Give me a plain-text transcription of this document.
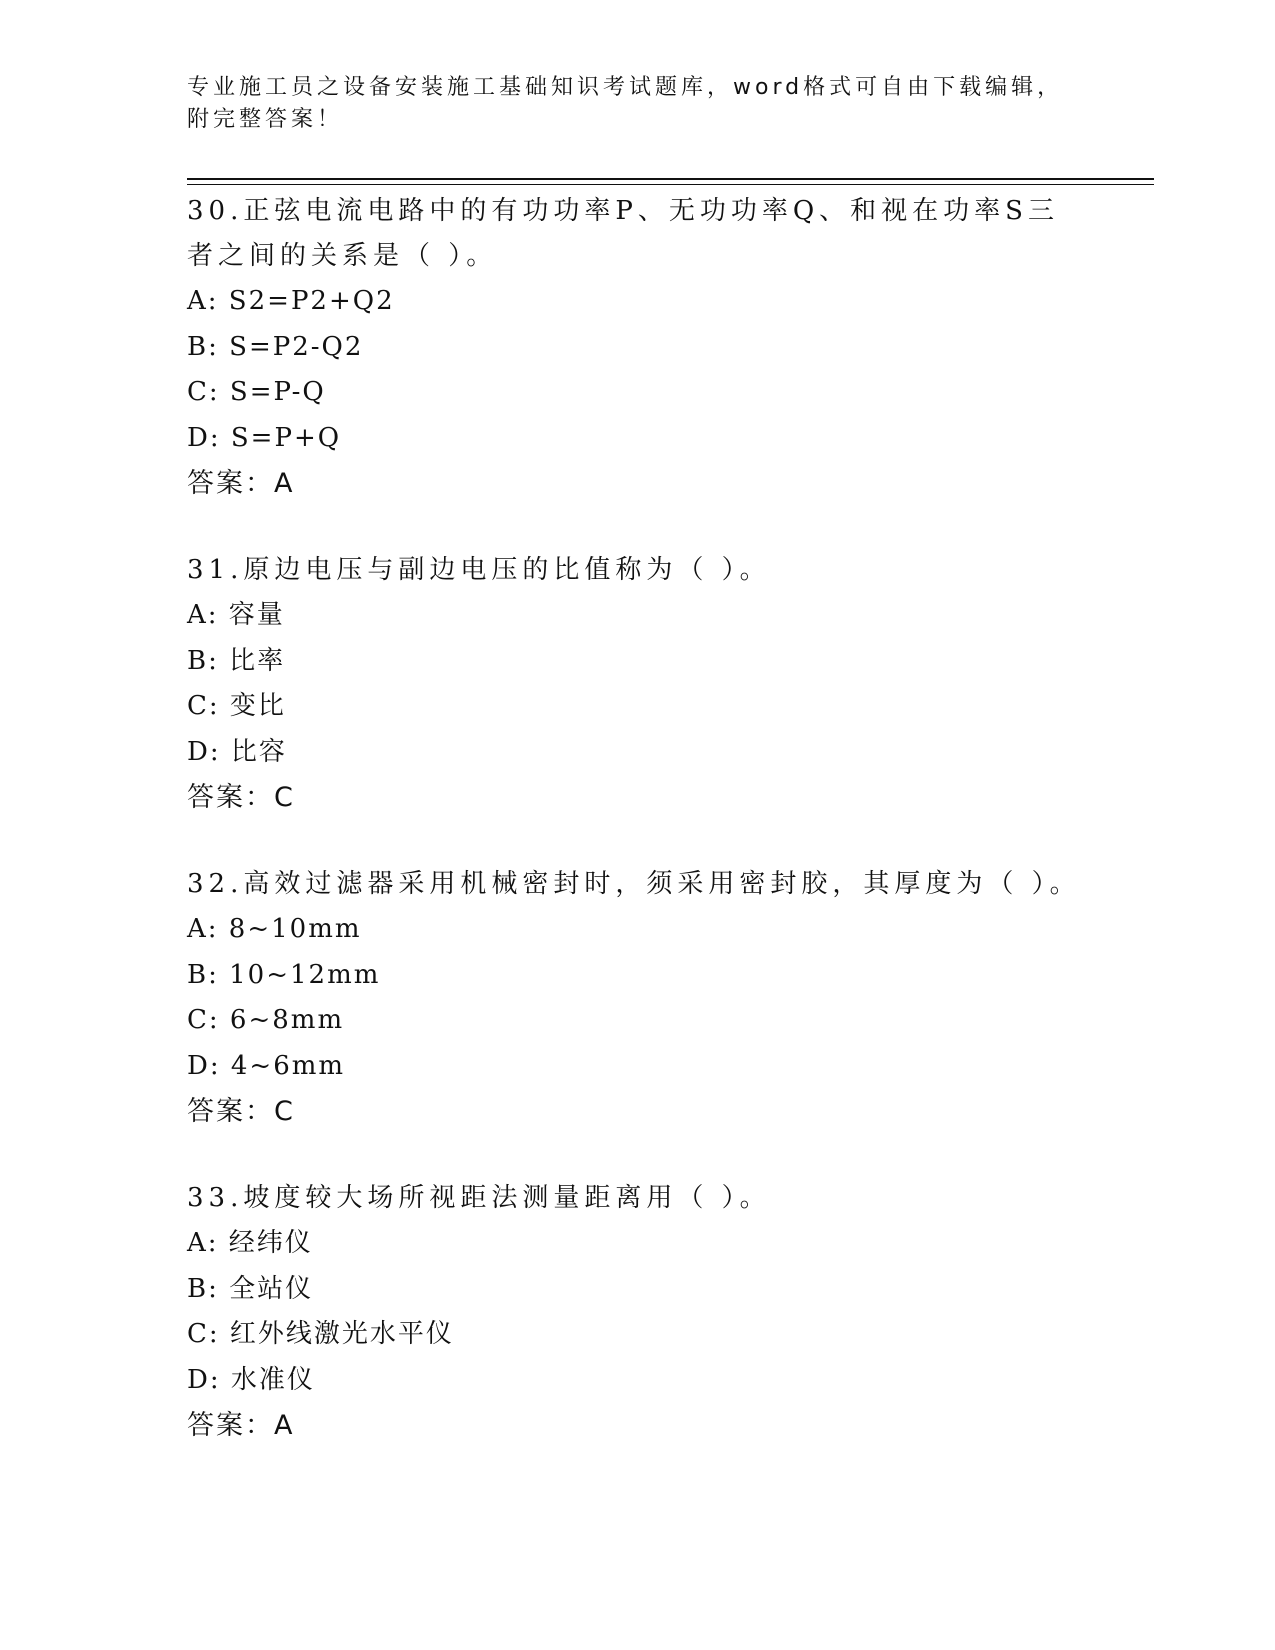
专业施工员之设备安装施工基础知识考试题库，word格式可自由下载编辑，附完整答案！

30.正弦电流电路中的有功功率P、无功功率Q、和视在功率S三者之间的关系是（ ）。

A: S2=P2+Q2

B: S=P2-Q2

C: S=P-Q

D: S=P+Q

答案：A

31.原边电压与副边电压的比值称为（ ）。

A: 容量

B: 比率

C: 变比

D: 比容

答案：C

32.高效过滤器采用机械密封时，须采用密封胶，其厚度为（ ）。

A: 8~10mm

B: 10~12mm

C: 6~8mm

D: 4~6mm

答案：C

33.坡度较大场所视距法测量距离用（ ）。

A: 经纬仪

B: 全站仪

C: 红外线激光水平仪

D: 水准仪

答案：A
